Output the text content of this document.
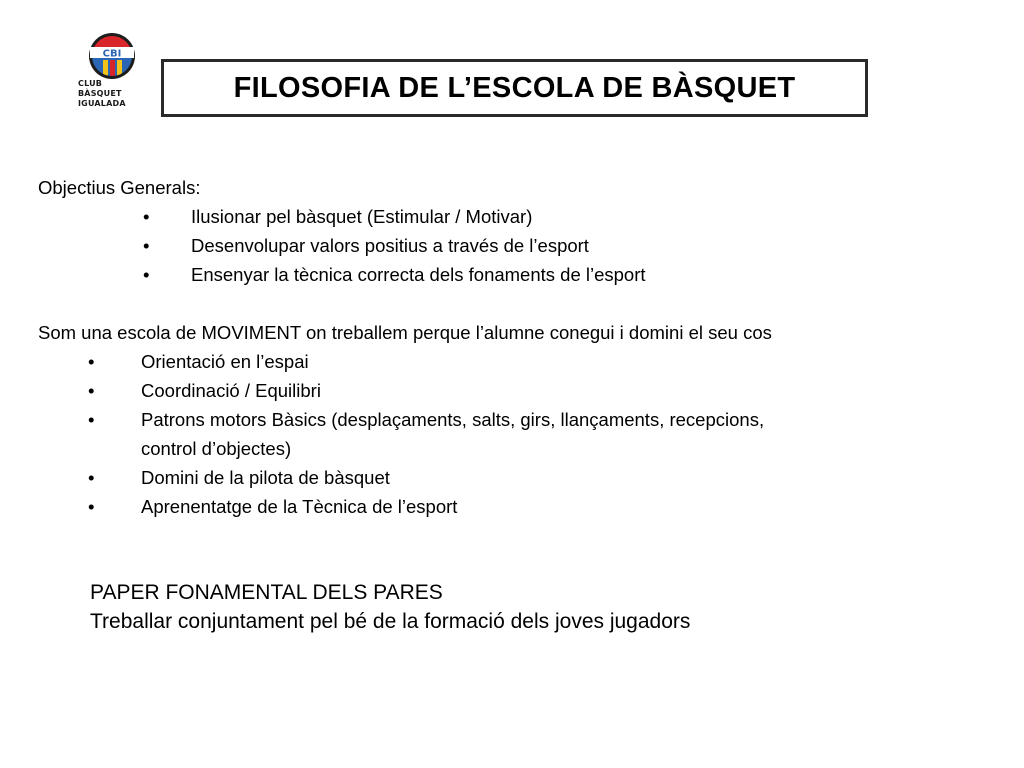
CBI
CLUB
BÀSQUET
IGUALADA	FILOSOFIA DE L’ESCOLA DE BÀSQUET
Objectius Generals:
• Ilusionar pel bàsquet (Estimular / Motivar)
• Desenvolupar valors positius a través de l’esport
• Ensenyar la tècnica correcta dels fonaments de l’esport
Som una escola de MOVIMENT on treballem perque l’alumne conegui i domini el seu cos
•	Orientació en l’espai
•	Coordinació / Equilibri
•	Patrons motors Bàsics (desplaçaments, salts, girs, llançaments, recepcions,
control d’objectes)
•	Domini de la pilota de bàsquet
•	Aprenentatge de la Tècnica de l’esport
PAPER FONAMENTAL DELS PARES
Treballar conjuntament pel bé de la formació dels joves jugadors
